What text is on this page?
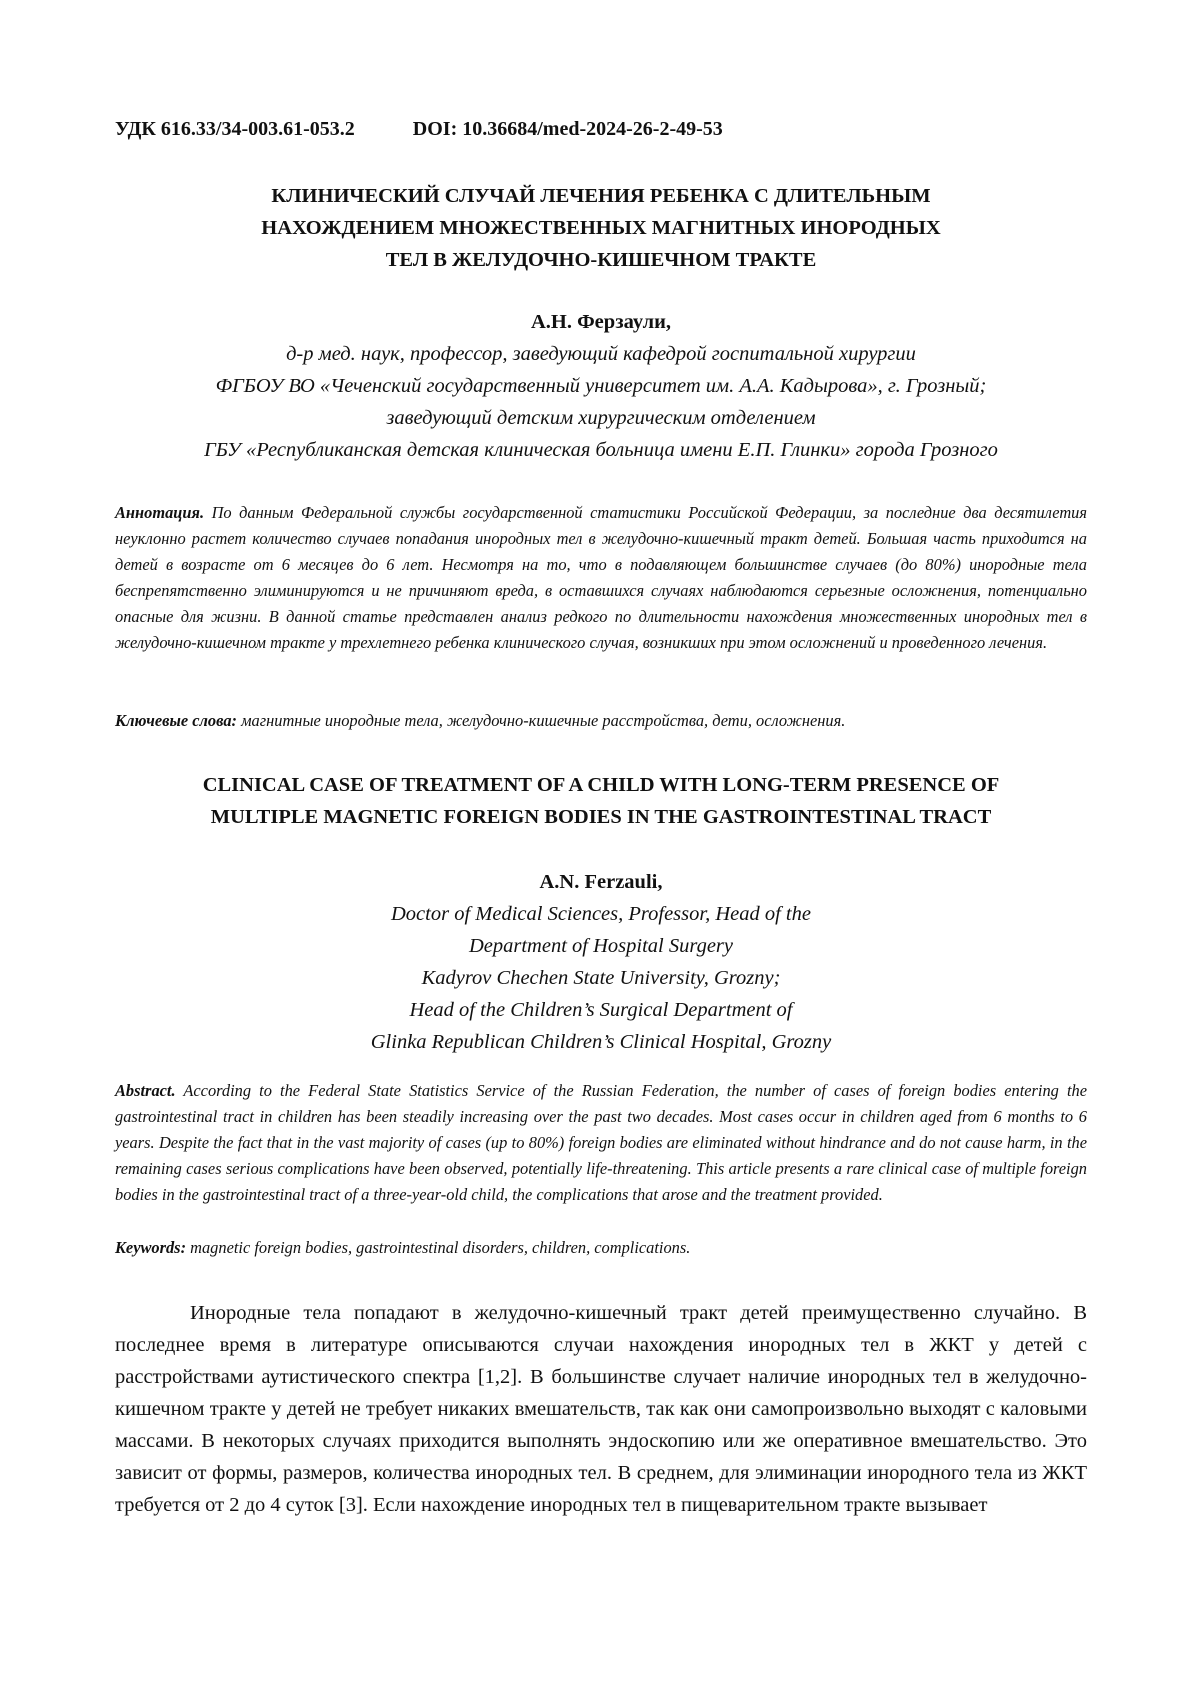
УДК 616.33/34-003.61-053.2	DOI: 10.36684/med-2024-26-2-49-53
КЛИНИЧЕСКИЙ СЛУЧАЙ ЛЕЧЕНИЯ РЕБЕНКА С ДЛИТЕЛЬНЫМ
НАХОЖДЕНИЕМ МНОЖЕСТВЕННЫХ МАГНИТНЫХ ИНОРОДНЫХ
ТЕЛ В ЖЕЛУДОЧНО-КИШЕЧНОМ ТРАКТЕ
А.Н. Ферзаули,
д-р мед. наук, профессор, заведующий кафедрой госпитальной хирургии
ФГБОУ ВО «Чеченский государственный университет им. А.А. Кадырова», г. Грозный;
заведующий детским хирургическим отделением
ГБУ «Республиканская детская клиническая больница имени Е.П. Глинки» города Грозного
Аннотация. По данным Федеральной службы государственной статистики Российской Федерации, за последние два десятилетия неуклонно растет количество случаев попадания инородных тел в желудочно-кишечный тракт детей. Большая часть приходится на детей в возрасте от 6 месяцев до 6 лет. Несмотря на то, что в подавляющем большинстве случаев (до 80%) инородные тела беспрепятственно элиминируются и не причиняют вреда, в оставшихся случаях наблюдаются серьезные осложнения, потенциально опасные для жизни. В данной статье представлен анализ редкого по длительности нахождения множественных инородных тел в желудочно-кишечном тракте у трехлетнего ребенка клинического случая, возникших при этом осложнений и проведенного лечения.
Ключевые слова: магнитные инородные тела, желудочно-кишечные расстройства, дети, осложнения.
CLINICAL CASE OF TREATMENT OF A CHILD WITH LONG-TERM PRESENCE OF
MULTIPLE MAGNETIC FOREIGN BODIES IN THE GASTROINTESTINAL TRACT
A.N. Ferzauli,
Doctor of Medical Sciences, Professor, Head of the
Department of Hospital Surgery
Kadyrov Chechen State University, Grozny;
Head of the Children’s Surgical Department of
Glinka Republican Children’s Clinical Hospital, Grozny
Abstract. According to the Federal State Statistics Service of the Russian Federation, the number of cases of foreign bodies entering the gastrointestinal tract in children has been steadily increasing over the past two decades. Most cases occur in children aged from 6 months to 6 years. Despite the fact that in the vast majority of cases (up to 80%) foreign bodies are eliminated without hindrance and do not cause harm, in the remaining cases serious complications have been observed, potentially life-threatening. This article presents a rare clinical case of multiple foreign bodies in the gastrointestinal tract of a three-year-old child, the complications that arose and the treatment provided.
Keywords: magnetic foreign bodies, gastrointestinal disorders, children, complications.
Инородные тела попадают в желудочно-кишечный тракт детей преимущественно случайно. В последнее время в литературе описываются случаи нахождения инородных тел в ЖКТ у детей с расстройствами аутистического спектра [1,2]. В большинстве случает наличие инородных тел в желудочно-кишечном тракте у детей не требует никаких вмешательств, так как они самопроизвольно выходят с каловыми массами. В некоторых случаях приходится выполнять эндоскопию или же оперативное вмешательство. Это зависит от формы, размеров, количества инородных тел. В среднем, для элиминации инородного тела из ЖКТ требуется от 2 до 4 суток [3]. Если нахождение инородных тел в пищеварительном тракте вызывает
